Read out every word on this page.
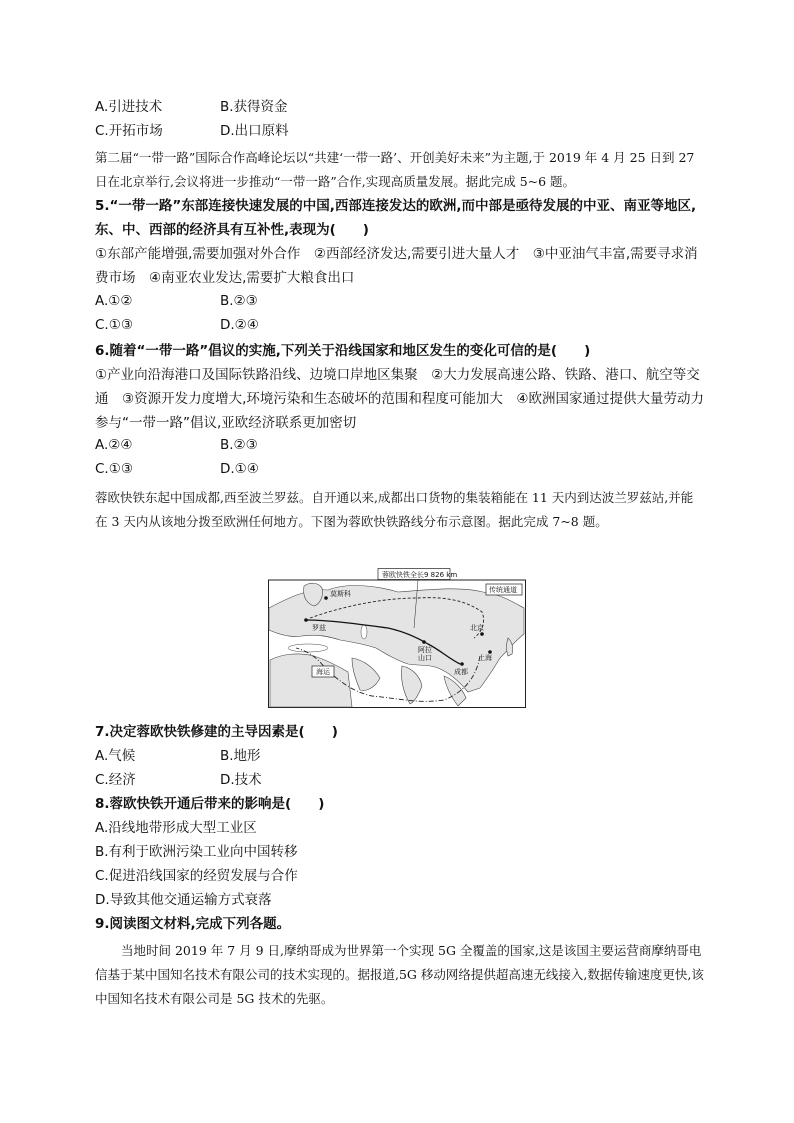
A.引进技术	B.获得资金
C.开拓市场	D.出口原料
第二届“一带一路”国际合作高峰论坛以“共建‘一带一路’、开创美好未来”为主题,于 2019 年 4 月 25 日到 27 日在北京举行,会议将进一步推动“一带一路”合作,实现高质量发展。据此完成 5~6 题。
5.“一带一路”东部连接快速发展的中国,西部连接发达的欧洲,而中部是亟待发展的中亚、南亚等地区,东、中、西部的经济具有互补性,表现为(　　)
①东部产能增强,需要加强对外合作　②西部经济发达,需要引进大量人才　③中亚油气丰富,需要寻求消费市场　④南亚农业发达,需要扩大粮食出口
A.①②	B.②③
C.①③	D.②④
6.随着“一带一路”倡议的实施,下列关于沿线国家和地区发生的变化可信的是(　　)
①产业向沿海港口及国际铁路沿线、边境口岸地区集聚　②大力发展高速公路、铁路、港口、航空等交通　③资源开发力度增大,环境污染和生态破坏的范围和程度可能加大　④欧洲国家通过提供大量劳动力参与“一带一路”倡议,亚欧经济联系更加密切
A.②④	B.②③
C.①③	D.①④
蓉欧快铁东起中国成都,西至波兰罗兹。自开通以来,成都出口货物的集装箱能在 11 天内到达波兰罗兹站,并能在 3 天内从该地分拨至欧洲任何地方。下图为蓉欧快铁路线分布示意图。据此完成 7~8 题。
罗兹
莫斯科
阿拉
山口
北京
上海
成都
蓉欧快铁全长9 826 km
传统通道
海运
7.决定蓉欧快铁修建的主导因素是(　　)
A.气候	B.地形
C.经济	D.技术
8.蓉欧快铁开通后带来的影响是(　　)
A.沿线地带形成大型工业区
B.有利于欧洲污染工业向中国转移
C.促进沿线国家的经贸发展与合作
D.导致其他交通运输方式衰落
9.阅读图文材料,完成下列各题。
当地时间 2019 年 7 月 9 日,摩纳哥成为世界第一个实现 5G 全覆盖的国家,这是该国主要运营商摩纳哥电信基于某中国知名技术有限公司的技术实现的。据报道,5G 移动网络提供超高速无线接入,数据传输速度更快,该中国知名技术有限公司是 5G 技术的先驱。
